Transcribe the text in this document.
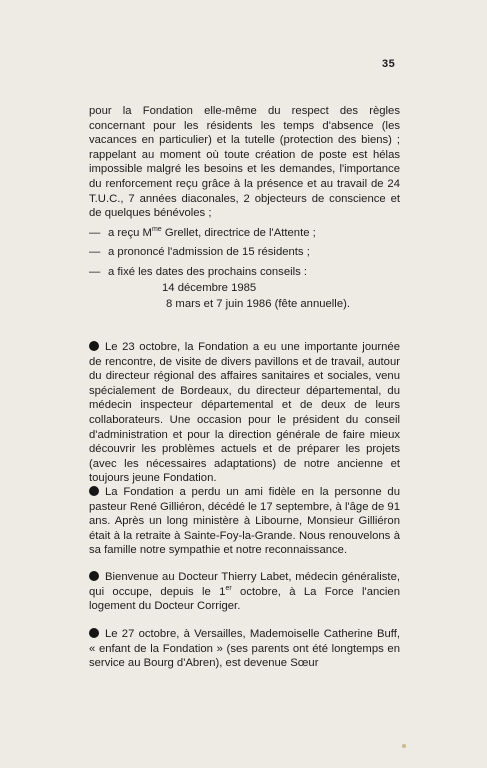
35

pour la Fondation elle-même du respect des règles concernant pour les résidents les temps d'absence (les vacances en particulier) et la tutelle (protection des biens) ; rappelant au moment où toute création de poste est hélas impossible malgré les besoins et les demandes, l'importance du renforcement reçu grâce à la présence et au travail de 24 T.U.C., 7 années diaconales, 2 objecteurs de conscience et de quelques bénévoles ;

— a reçu $M^{me}$ Grellet, directrice de l'Attente ;
— a prononcé l'admission de 15 résidents ;
— a fixé les dates des prochains conseils :
14 décembre 1985
8 mars et 7 juin 1986 (fête annuelle).
Le 23 octobre, la Fondation a eu une importante journée de rencontre, de visite de divers pavillons et de travail, autour du directeur régional des affaires sanitaires et sociales, venu spécialement de Bordeaux, du directeur départemental, du médecin inspecteur départemental et de deux de leurs collaborateurs. Une occasion pour le président du conseil d'administration et pour la direction générale de faire mieux découvrir les problèmes actuels et de préparer les projets (avec les nécessaires adaptations) de notre ancienne et toujours jeune Fondation.
La Fondation a perdu un ami fidèle en la personne du pasteur René Gilliéron, décédé le 17 septembre, à l'âge de 91 ans. Après un long ministère à Libourne, Monsieur Gilliéron était à la retraite à Sainte-Foy-la-Grande. Nous renouvelons à sa famille notre sympathie et notre reconnaissance.
Bienvenue au Docteur Thierry Labet, médecin généraliste, qui occupe, depuis le 1er octobre, à La Force l'ancien logement du Docteur Corriger.
Le 27 octobre, à Versailles, Mademoiselle Catherine Buff, « enfant de la Fondation » (ses parents ont été longtemps en service au Bourg d'Abren), est devenue Sœur
